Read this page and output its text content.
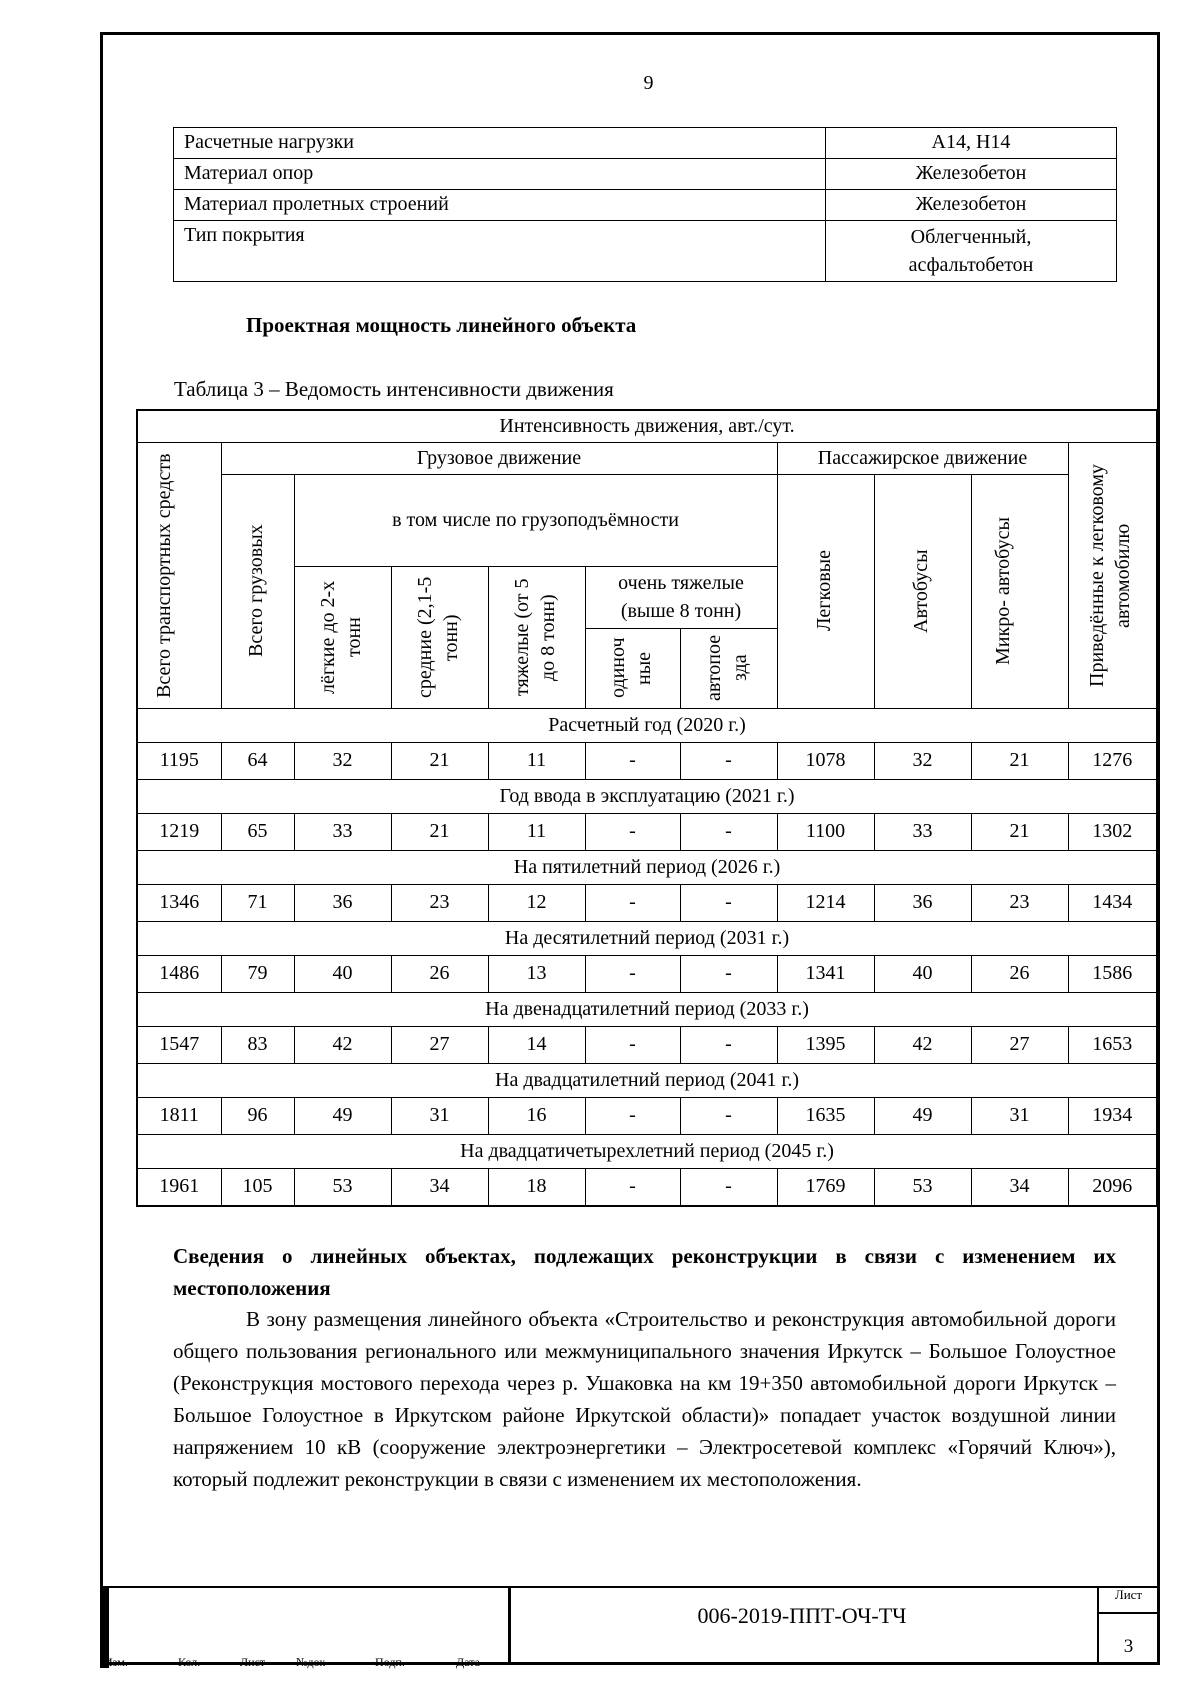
9
Расчетные нагрузки	А14, Н14
Материал опор	Железобетон
Материал пролетных строений	Железобетон
Тип покрытия	Облегченный,
асфальтобетон
Проектная мощность линейного объекта
Таблица 3 – Ведомость интенсивности движения
Интенсивность движения, авт./сут.										

Всего транспортных средств	Грузовое движение						Пассажирское движение			Приведённые к легковому автомобилю

	Всего грузовых	в том числе по грузоподъёмности					Легковые	Автобусы	Микро- автобусы	

		лёгкие до 2-х тонн	средние (2,1-5 тонн)	тяжелые (от 5 до 8 тонн)	очень тяжелые (выше 8 тонн)					

					одиночные	автопоезда				

Расчетный год (2020 г.)										
1195	64	32	21	11	-	-	1078	32	21	1276
Год ввода в эксплуатацию (2021 г.)										
1219	65	33	21	11	-	-	1100	33	21	1302
На пятилетний период (2026 г.)										
1346	71	36	23	12	-	-	1214	36	23	1434
На десятилетний период (2031 г.)										
1486	79	40	26	13	-	-	1341	40	26	1586
На двенадцатилетний период (2033 г.)										
1547	83	42	27	14	-	-	1395	42	27	1653
На двадцатилетний период (2041 г.)										
1811	96	49	31	16	-	-	1635	49	31	1934
На двадцатичетырехлетний период (2045 г.)										
1961	105	53	34	18	-	-	1769	53	34	2096
Сведения о линейных объектах, подлежащих реконструкции в связи с изменением их местоположения

В зону размещения линейного объекта «Строительство и реконструкция автомобильной дороги общего пользования регионального или межмуниципального значения Иркутск – Большое Голоустное (Реконструкция мостового перехода через р. Ушаковка на км 19+350 автомобильной дороги Иркутск – Большое Голоустное в Иркутском районе Иркутской области)» попадает участок воздушной линии напряжением 10 кВ (сооружение электроэнергетики – Электросетевой комплекс «Горячий Ключ»), который подлежит реконструкции в связи с изменением их местоположения.

Изм.	Кол.	Лист	№док	Подп.	Дата
006-2019-ППТ-ОЧ-ТЧ
Лист
3
